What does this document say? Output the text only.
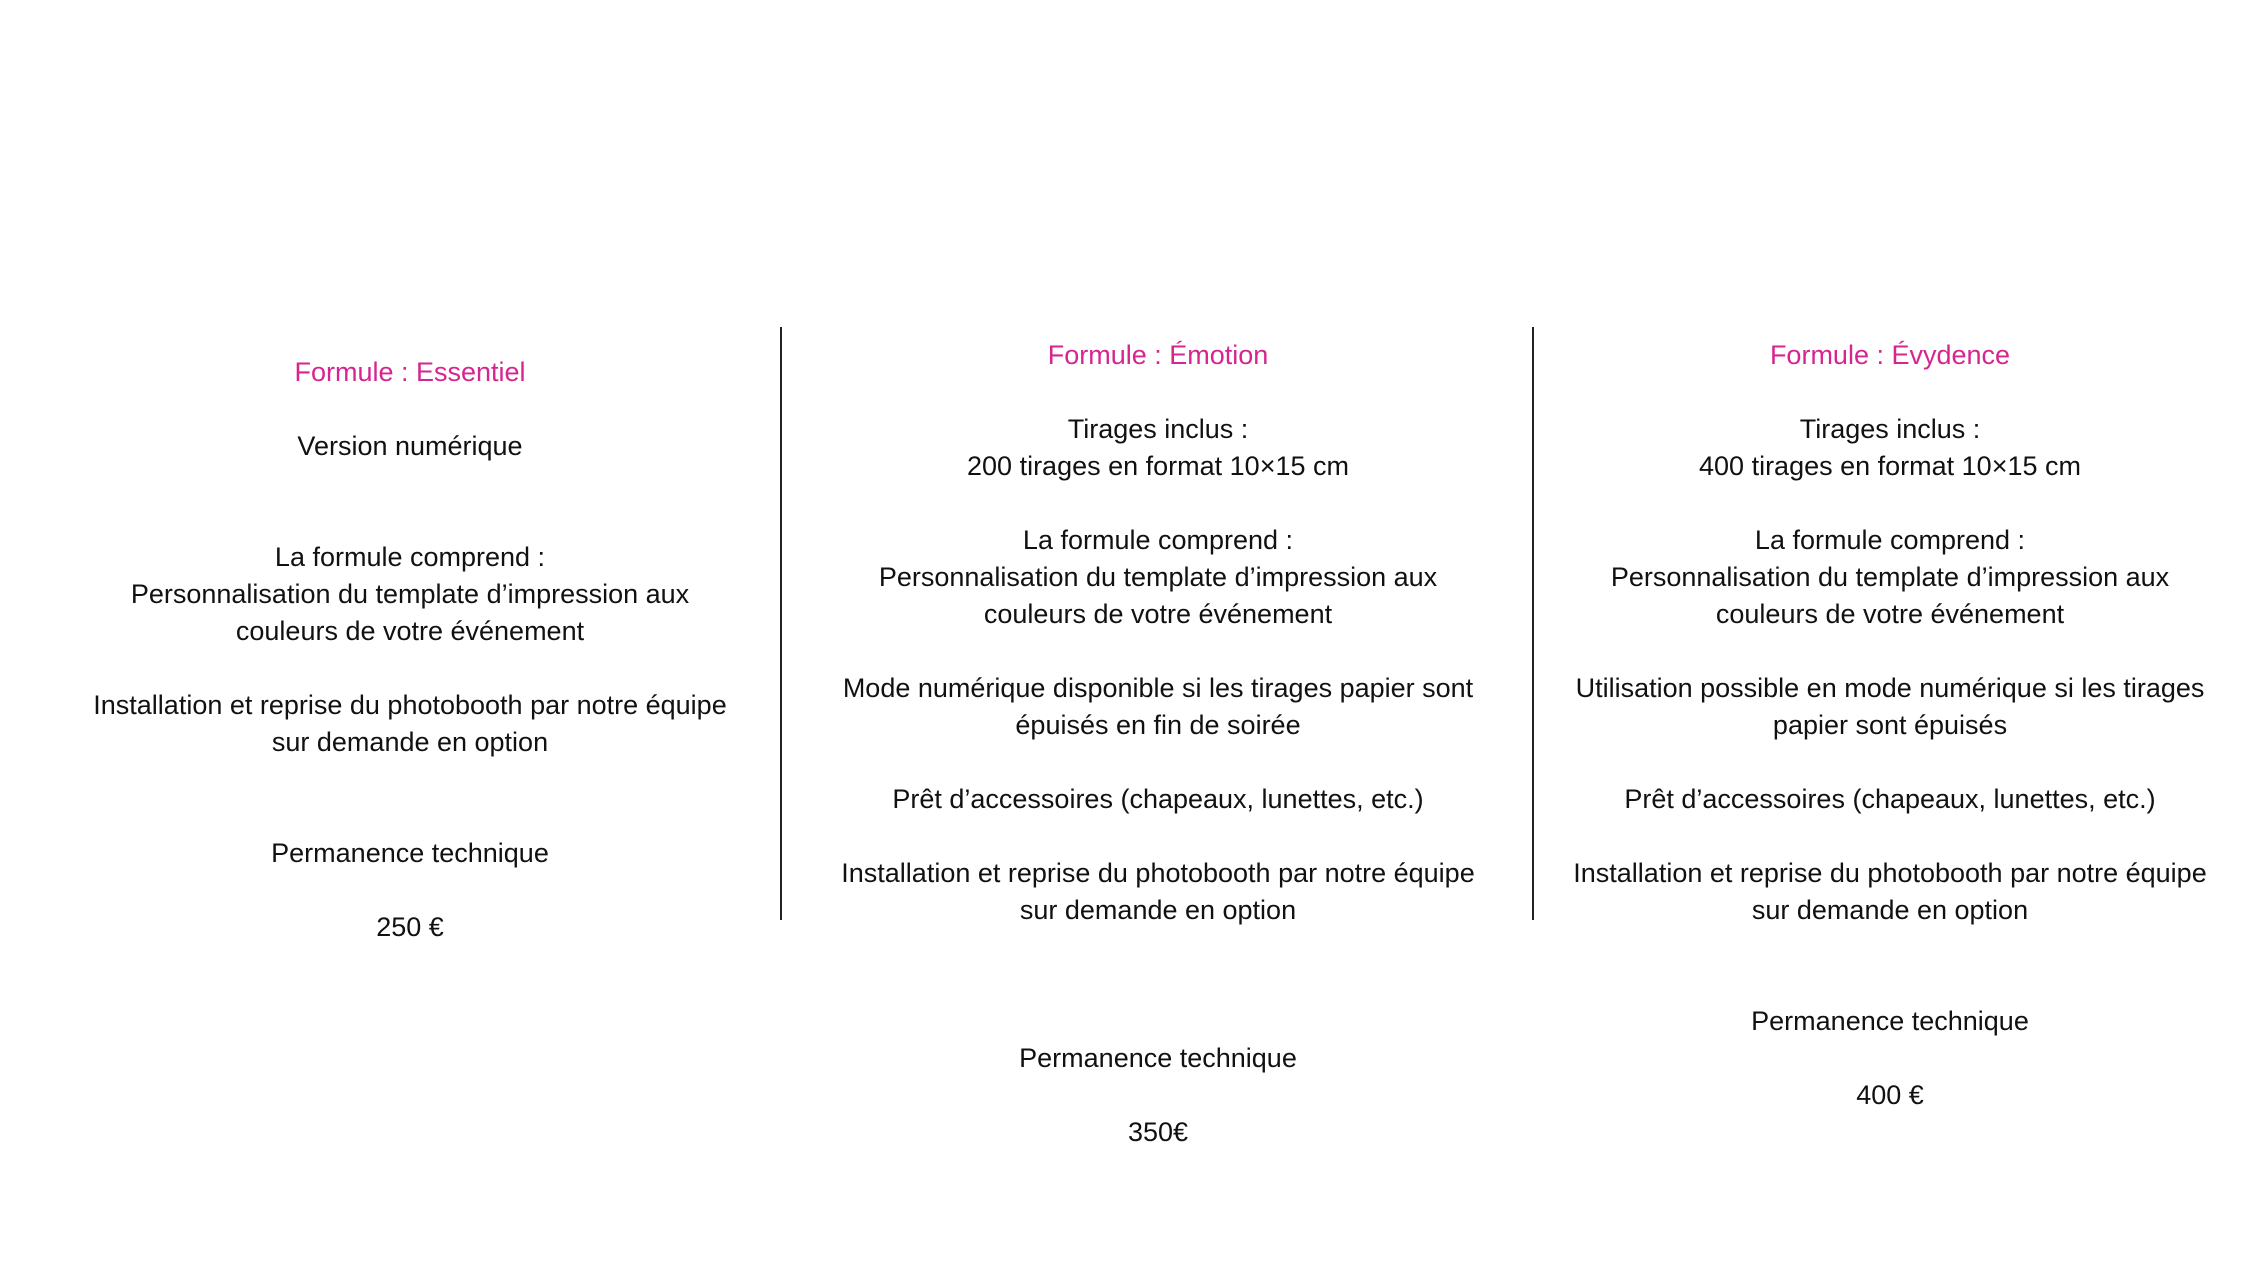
Formule : Essentiel

Version numérique

La formule comprend :

Personnalisation du template d’impression aux

couleurs de votre événement

Installation et reprise du photobooth par notre équipe

sur demande en option

Permanence technique

250 €

Formule : Émotion

Tirages inclus :

200 tirages en format 10×15 cm

La formule comprend :

Personnalisation du template d’impression aux

couleurs de votre événement

Mode numérique disponible si les tirages papier sont

épuisés en fin de soirée

Prêt d’accessoires (chapeaux, lunettes, etc.)

Installation et reprise du photobooth par notre équipe

sur demande en option

Permanence technique

350€

Formule : Évydence

Tirages inclus :

400 tirages en format 10×15 cm

La formule comprend :

Personnalisation du template d’impression aux

couleurs de votre événement

Utilisation possible en mode numérique si les tirages

papier sont épuisés

Prêt d’accessoires (chapeaux, lunettes, etc.)

Installation et reprise du photobooth par notre équipe

sur demande en option

Permanence technique

400 €
